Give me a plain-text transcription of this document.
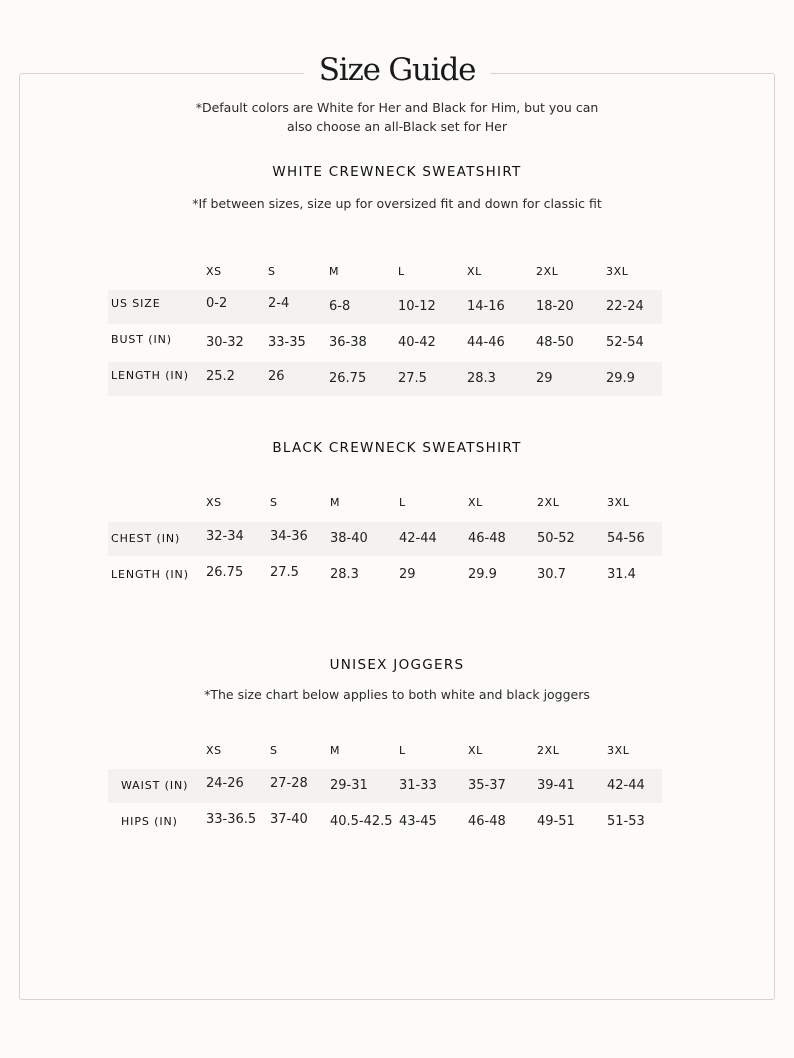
Size Guide
*Default colors are White for Her and Black for Him, but you can
also choose an all-Black set for Her
WHITE CREWNECK SWEATSHIRT
*If between sizes, size up for oversized fit and down for classic fit
XS	S	M	L	XL	2XL	3XL
US SIZE	0-2	2-4	6-8	10-12 14-16 18-20 22-24
BUST (IN)	30-32 33-35 36-38 40-42 44-46 48-50 52-54
LENGTH (IN) 25.2	26	26.75 27.5	28.3	29	29.9
BLACK CREWNECK SWEATSHIRT
XS	S	M	L	XL	2XL	3XL
CHEST (IN) 32-34 34-36 38-40 42-44 46-48 50-52 54-56
LENGTH (IN) 26.75 27.5 28.3	29	29.9	30.7	31.4
UNISEX JOGGERS
*The size chart below applies to both white and black joggers
XS	S	M	L	XL	2XL	3XL
WAIST (IN) 24-26 27-28 29-31 31-33 35-37 39-41 42-44
HIPS (IN) 33-36.5 37-40 40.5-42.5 43-45 46-48 49-51 51-53
